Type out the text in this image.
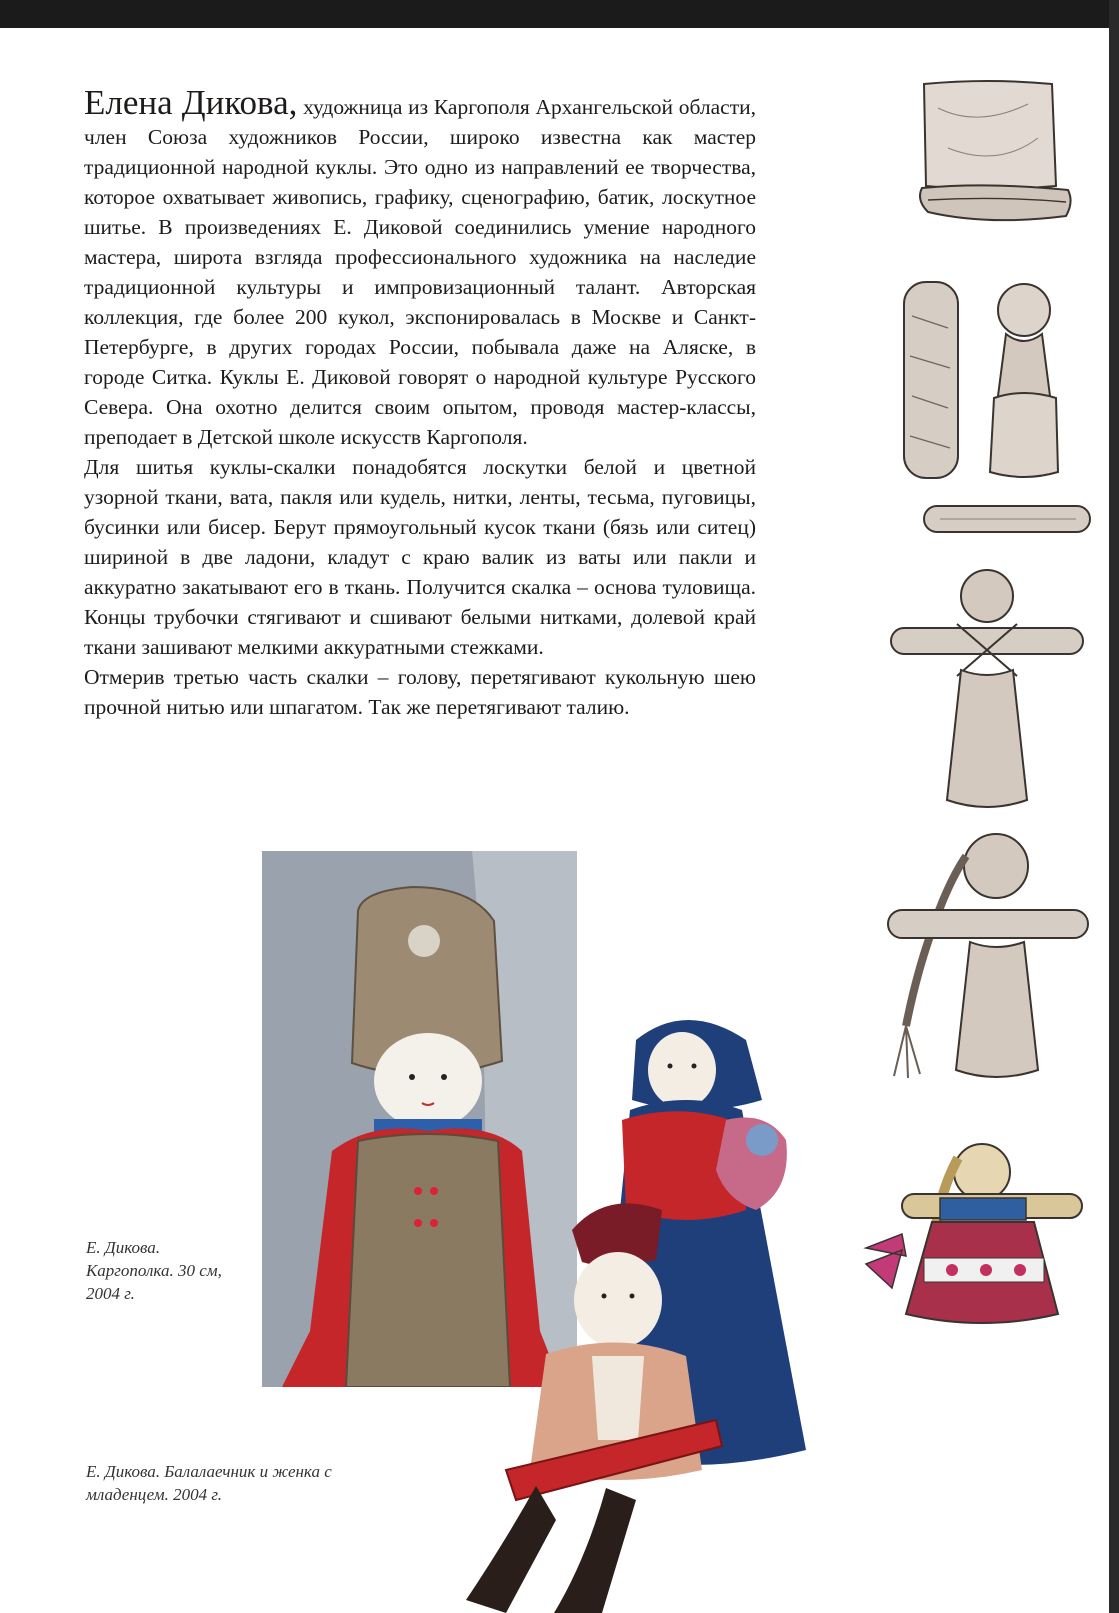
Елена Дикова, художница из Каргополя Архангельской области, член Союза художников России, широко известна как мастер традиционной народной куклы. Это одно из направлений ее творчества, которое охватывает живопись, графику, сценографию, батик, лоскутное шитье. В произведениях Е. Диковой соединились умение народного мастера, широта взгляда профессионального художника на наследие традиционной культуры и импровизационный талант. Авторская коллекция, где более 200 кукол, экспонировалась в Москве и Санкт-Петербурге, в других городах России, побывала даже на Аляске, в городе Ситка. Куклы Е. Диковой говорят о народной культуре Русского Севера. Она охотно делится своим опытом, проводя мастер-классы, преподает в Детской школе искусств Каргополя.

Для шитья куклы-скалки понадобятся лоскутки белой и цветной узорной ткани, вата, пакля или кудель, нитки, ленты, тесьма, пуговицы, бусинки или бисер. Берут прямоугольный кусок ткани (бязь или ситец) шириной в две ладони, кладут с краю валик из ваты или пакли и аккуратно закатывают его в ткань. Получится скалка – основа туловища. Концы трубочки стягивают и сшивают белыми нитками, долевой край ткани зашивают мелкими аккуратными стежками.

Отмерив третью часть скалки – голову, перетягивают кукольную шею прочной нитью или шпагатом. Так же перетягивают талию.

Е. Дикова. Каргополка. 30 см, 2004 г.
Е. Дикова. Балалаечник и женка с младенцем. 2004 г.
